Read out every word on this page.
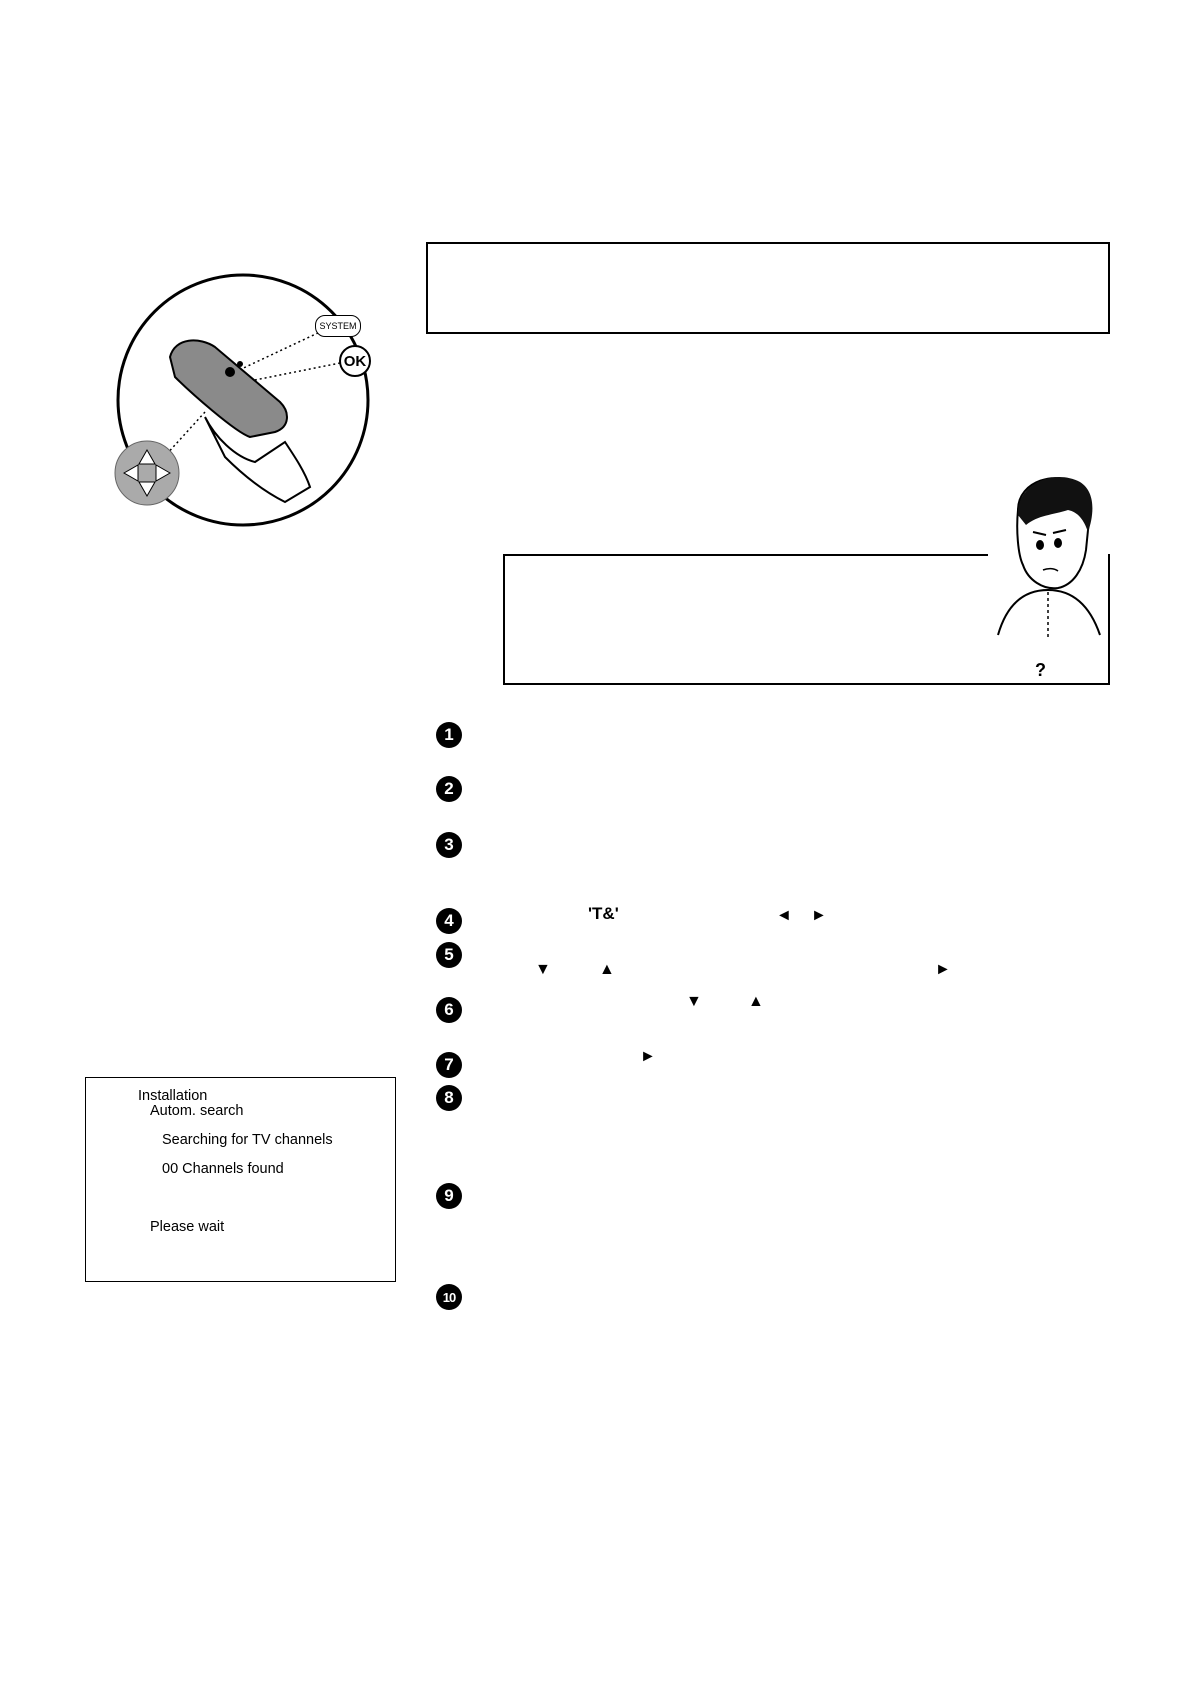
SYSTEM
OK
?
1
2
3
4
5
6
7
8
9
10
'T&'	◄ ►
▼	▲	►
▼	▲
►
Installation
Autom. search
Searching for TV channels
00 Channels found
Please wait
